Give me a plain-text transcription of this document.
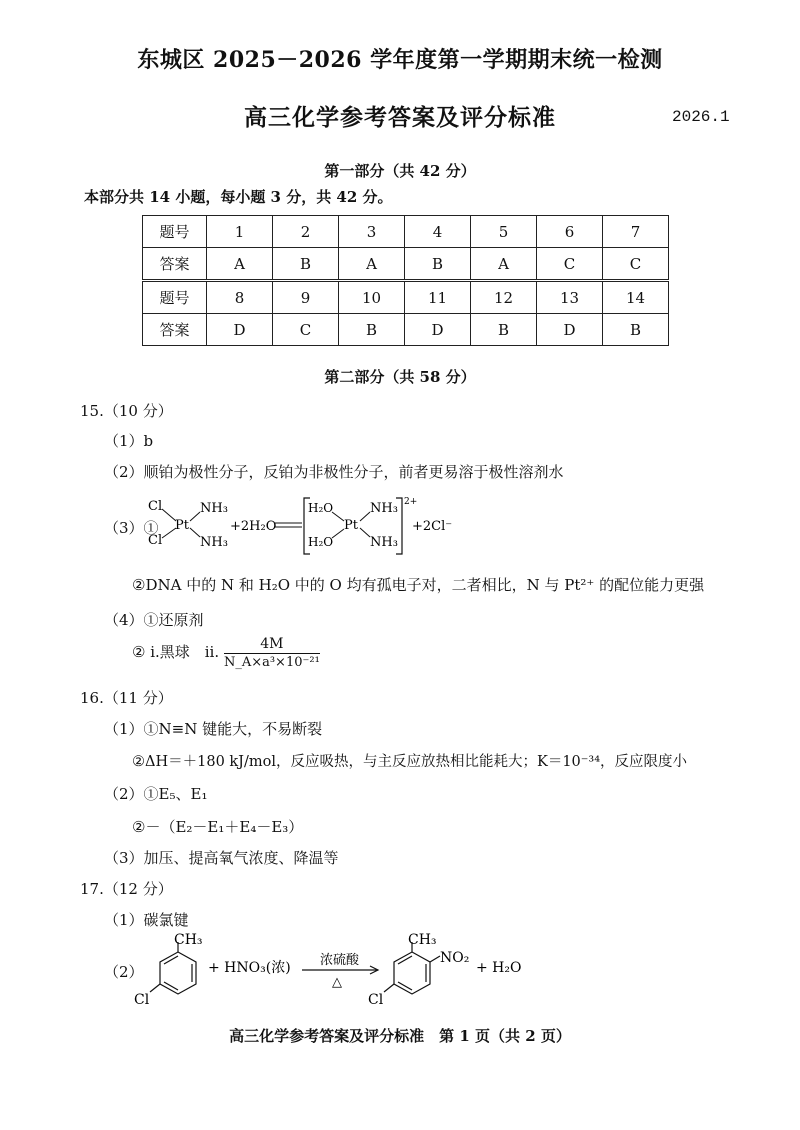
东城区 2025－2026 学年度第一学期期末统一检测
高三化学参考答案及评分标准	2026.1
第一部分（共 42 分）
本部分共 14 小题，每小题 3 分，共 42 分。
题号	1	2	3	4	5	6	7
答案	A	B	A	B	A	C	C
题号	8	9	10	11	12	13	14
答案	D	C	B	D	B	D	B
第二部分（共 58 分）
15.（10 分）
（1）b
（2）顺铂为极性分子，反铂为非极性分子，前者更易溶于极性溶剂水
（3）①
Cl
Cl
Pt
NH₃
NH₃
+2H₂O
H₂O
H₂O
Pt
NH₃
NH₃
2+
+2Cl⁻
②DNA 中的 N 和 H₂O 中的 O 均有孤电子对，二者相比，N 与 Pt²⁺ 的配位能力更强
（4）①还原剂
② ⅰ.黑球　ⅱ. $\frac{4M}{\text{N\_A×a³×10⁻²¹}}$
16.（11 分）
（1）①N≡N 键能大，不易断裂
②ΔH＝＋180 kJ/mol，反应吸热，与主反应放热相比能耗大；K＝10⁻³⁴，反应限度小
（2）①E₅、E₁
②－（E₂－E₁＋E₄－E₃）
（3）加压、提高氧气浓度、降温等
17.（12 分）
（1）碳氯键
（2）
CH₃
Cl
+ HNO₃(浓) 浓硫酸
△
CH₃
NO₂
Cl
+ H₂O
高三化学参考答案及评分标准　第 1 页（共 2 页）
